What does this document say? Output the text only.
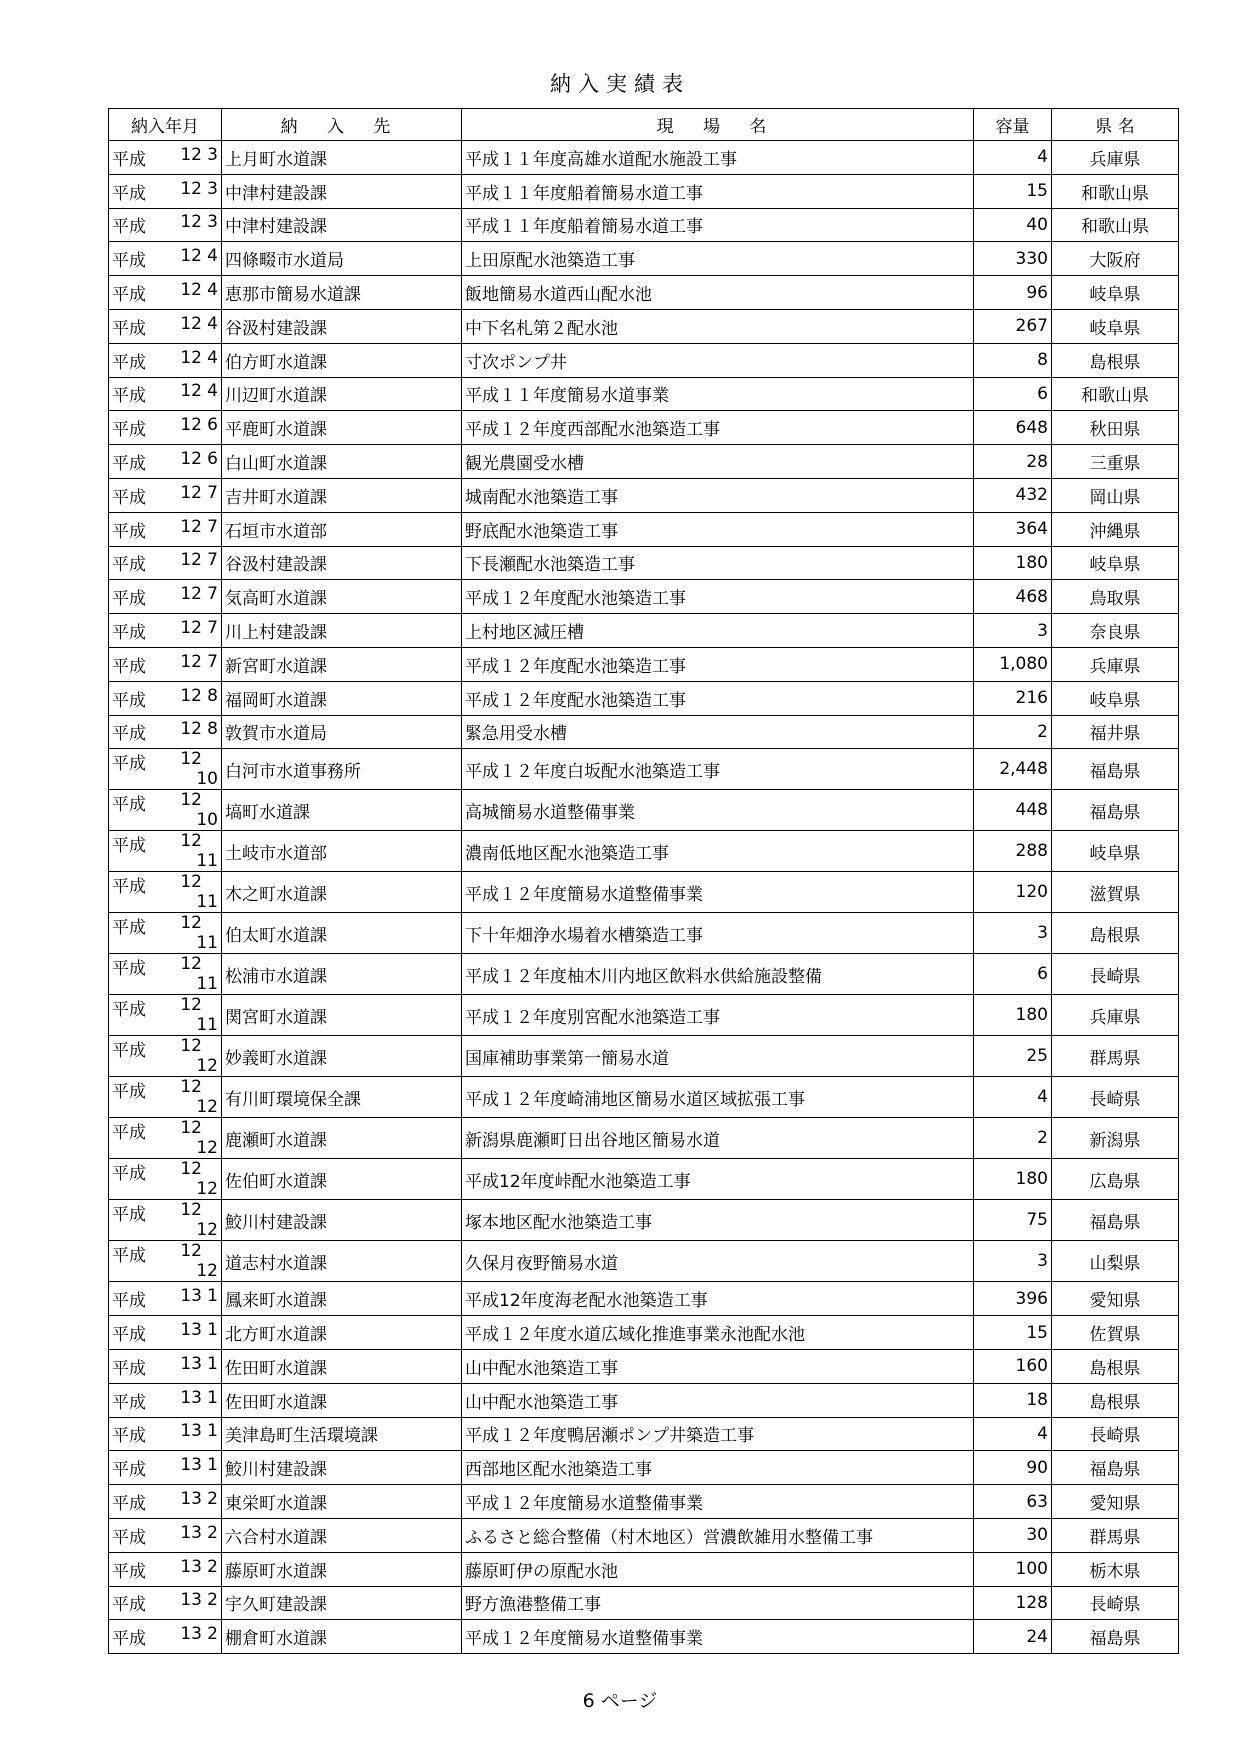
納入実績表
納入年月	納 入 先	現 場 名	容量	県 名

平成 12 3	上月町水道課	平成１１年度高雄水道配水施設工事	4	兵庫県

平成 12 3	中津村建設課	平成１１年度船着簡易水道工事	15	和歌山県

平成 12 3	中津村建設課	平成１１年度船着簡易水道工事	40	和歌山県

平成 12 4	四條畷市水道局	上田原配水池築造工事	330	大阪府

平成 12 4	恵那市簡易水道課	飯地簡易水道西山配水池	96	岐阜県

平成 12 4	谷汲村建設課	中下名札第２配水池	267	岐阜県

平成 12 4	伯方町水道課	寸次ポンプ井	8	島根県

平成 12 4	川辺町水道課	平成１１年度簡易水道事業	6	和歌山県

平成 12 6	平鹿町水道課	平成１２年度西部配水池築造工事	648	秋田県

平成 12 6	白山町水道課	観光農園受水槽	28	三重県

平成 12 7	吉井町水道課	城南配水池築造工事	432	岡山県

平成 12 7	石垣市水道部	野底配水池築造工事	364	沖縄県

平成 12 7	谷汲村建設課	下長瀬配水池築造工事	180	岐阜県

平成 12 7	気高町水道課	平成１２年度配水池築造工事	468	鳥取県

平成 12 7	川上村建設課	上村地区減圧槽	3	奈良県

平成 12 7	新宮町水道課	平成１２年度配水池築造工事	1,080	兵庫県

平成 12 8	福岡町水道課	平成１２年度配水池築造工事	216	岐阜県

平成 12 8	敦賀市水道局	緊急用受水槽	2	福井県

平成 12
10	白河市水道事務所	平成１２年度白坂配水池築造工事	2,448	福島県

平成 12
10	塙町水道課	高城簡易水道整備事業	448	福島県

平成 12
11	土岐市水道部	濃南低地区配水池築造工事	288	岐阜県

平成 12
11	木之町水道課	平成１２年度簡易水道整備事業	120	滋賀県

平成 12
11	伯太町水道課	下十年畑浄水場着水槽築造工事	3	島根県

平成 12
11	松浦市水道課	平成１２年度柚木川内地区飲料水供給施設整備	6	長崎県

平成 12
11	関宮町水道課	平成１２年度別宮配水池築造工事	180	兵庫県

平成 12
12	妙義町水道課	国庫補助事業第一簡易水道	25	群馬県

平成 12
12	有川町環境保全課	平成１２年度崎浦地区簡易水道区域拡張工事	4	長崎県

平成 12
12	鹿瀬町水道課	新潟県鹿瀬町日出谷地区簡易水道	2	新潟県

平成 12
12	佐伯町水道課	平成12年度峠配水池築造工事	180	広島県

平成 12
12	鮫川村建設課	塚本地区配水池築造工事	75	福島県

平成 12
12	道志村水道課	久保月夜野簡易水道	3	山梨県

平成 13 1	鳳来町水道課	平成12年度海老配水池築造工事	396	愛知県

平成 13 1	北方町水道課	平成１２年度水道広域化推進事業永池配水池	15	佐賀県

平成 13 1	佐田町水道課	山中配水池築造工事	160	島根県

平成 13 1	佐田町水道課	山中配水池築造工事	18	島根県

平成 13 1	美津島町生活環境課	平成１２年度鴨居瀬ポンプ井築造工事	4	長崎県

平成 13 1	鮫川村建設課	西部地区配水池築造工事	90	福島県

平成 13 2	東栄町水道課	平成１２年度簡易水道整備事業	63	愛知県

平成 13 2	六合村水道課	ふるさと総合整備（村木地区）営濃飲雑用水整備工事	30	群馬県

平成 13 2	藤原町水道課	藤原町伊の原配水池	100	栃木県

平成 13 2	宇久町建設課	野方漁港整備工事	128	長崎県

平成 13 2	棚倉町水道課	平成１２年度簡易水道整備事業	24	福島県
6 ページ
